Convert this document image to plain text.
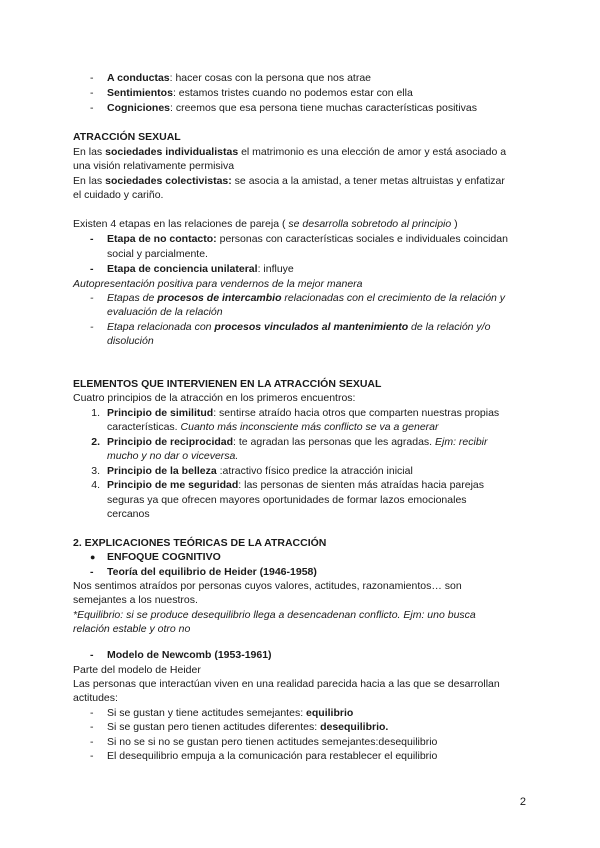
- A conductas: hacer cosas con la persona que nos atrae
- Sentimientos: estamos tristes cuando no podemos estar con ella
- Cogniciones: creemos que esa persona tiene muchas características positivas
ATRACCIÓN SEXUAL
En las sociedades individualistas el matrimonio es una elección de amor y está asociado a
una visión relativamente permisiva
En las sociedades colectivistas: se asocia a la amistad, a tener metas altruistas y enfatizar
el cuidado y cariño.
Existen 4 etapas en las relaciones de pareja ( se desarrolla sobretodo al principio )
- Etapa de no contacto: personas con características sociales e individuales coincidan
social y parcialmente.
- Etapa de conciencia unilateral: influye
Autopresentación positiva para vendernos de la mejor manera
- Etapas de procesos de intercambio relacionadas con el crecimiento de la relación y
evaluación de la relación
- Etapa relacionada con procesos vinculados al mantenimiento de la relación y/o
disolución
ELEMENTOS QUE INTERVIENEN EN LA ATRACCIÓN SEXUAL
Cuatro principios de la atracción en los primeros encuentros:
1. Principio de similitud: sentirse atraído hacia otros que comparten nuestras propias
características. Cuanto más inconsciente más conflicto se va a generar
2. Principio de reciprocidad: te agradan las personas que les agradas. Ejm: recibir
mucho y no dar o viceversa.
3. Principio de la belleza :atractivo físico predice la atracción inicial
4. Principio de me seguridad: las personas de sienten más atraídas hacia parejas
seguras ya que ofrecen mayores oportunidades de formar lazos emocionales
cercanos
2. EXPLICACIONES TEÓRICAS DE LA ATRACCIÓN
● ENFOQUE COGNITIVO
- Teoría del equilibrio de Heider (1946-1958)
Nos sentimos atraídos por personas cuyos valores, actitudes, razonamientos… son
semejantes a los nuestros.
*Equilibrio: si se produce desequilibrio llega a desencadenan conflicto. Ejm: uno busca
relación estable y otro no
- Modelo de Newcomb (1953-1961)
Parte del modelo de Heider
Las personas que interactúan viven en una realidad parecida hacia a las que se desarrollan
actitudes:
- Si se gustan y tiene actitudes semejantes: equilibrio
- Si se gustan pero tienen actitudes diferentes: desequilibrio.
- Si no se si no se gustan pero tienen actitudes semejantes:desequilibrio
- El desequilibrio empuja a la comunicación para restablecer el equilibrio
2
